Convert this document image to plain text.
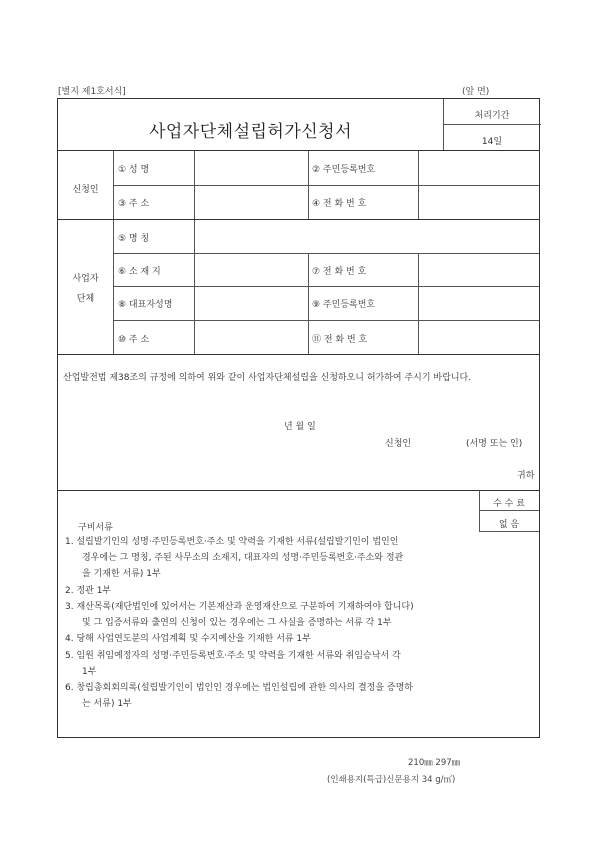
[별지 제1호서식]	(앞 면)
사업자단체설립허가신청서
처리기간
14일
신청인
① 성 명	② 주민등록번호
③ 주 소	④ 전 화 번 호
사업자
단체
⑤ 명 칭
⑥ 소 재 지	⑦ 전 화 번 호
⑧ 대표자성명	⑨ 주민등록번호
⑩ 주 소	⑪ 전 화 번 호
산업발전법 제38조의 규정에 의하여 위와 같이 사업자단체설립을 신청하오니 허가하여 주시기 바랍니다.
년 월 일
신청인	(서명 또는 인)
귀하
수 수 료
없 음
구비서류
1. 설립발기인의 성명·주민등록번호·주소 및 약력을 기재한 서류(설립발기인이 법인인
경우에는 그 명칭, 주된 사무소의 소재지, 대표자의 성명·주민등록번호·주소와 정관
을 기재한 서류) 1부
2. 정관 1부
3. 재산목록(재단법인에 있어서는 기본재산과 운영재산으로 구분하여 기재하여야 합니다)
및 그 입증서류와 출연의 신청이 있는 경우에는 그 사실을 증명하는 서류 각 1부
4. 당해 사업연도분의 사업계획 및 수지예산을 기재한 서류 1부
5. 임원 취임예정자의 성명·주민등록번호·주소 및 약력을 기재한 서류와 취임승낙서 각
1부
6. 창립총회회의록(설립발기인이 법인인 경우에는 법인설립에 관한 의사의 결정을 증명하
는 서류) 1부
210㎜ 297㎜
(인쇄용지(특급)신문용지 34 g/㎡)
